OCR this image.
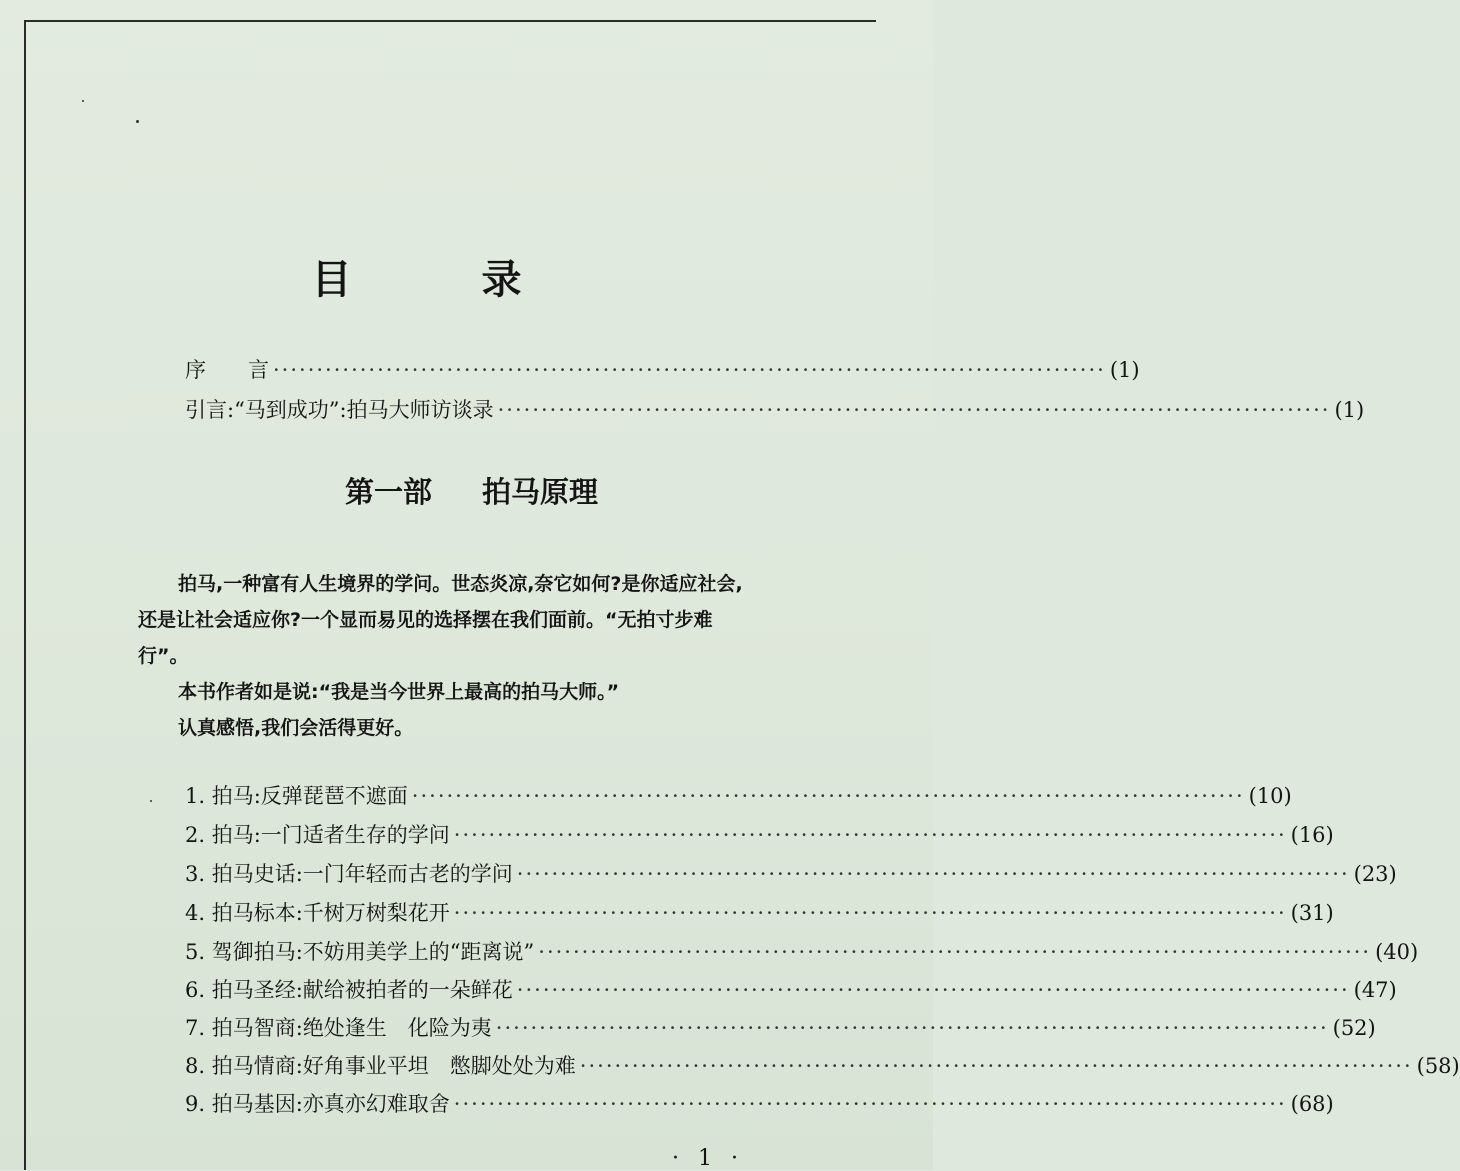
目录
序　　言 ································································································ (1)
引言:“马到成功”:拍马大师访谈录 ································································································ (1)
第一部 拍马原理

拍马,一种富有人生境界的学问。世态炎凉,奈它如何?是你适应社会,还是让社会适应你?一个显而易见的选择摆在我们面前。“无拍寸步难行”。

本书作者如是说:“我是当今世界上最高的拍马大师。”

认真感悟,我们会活得更好。

1. 拍马:反弹琵琶不遮面 ································································································ (10)
2. 拍马:一门适者生存的学问 ································································································ (16)
3. 拍马史话:一门年轻而古老的学问 ································································································ (23)
4. 拍马标本:千树万树梨花开 ································································································ (31)
5. 驾御拍马:不妨用美学上的“距离说” ································································································ (40)
6. 拍马圣经:献给被拍者的一朵鲜花 ································································································ (47)
7. 拍马智商:绝处逢生　化险为夷 ································································································ (52)
8. 拍马情商:好角事业平坦　憋脚处处为难 ································································································ (58)
9. 拍马基因:亦真亦幻难取舍 ································································································ (68)
· 1 ·
